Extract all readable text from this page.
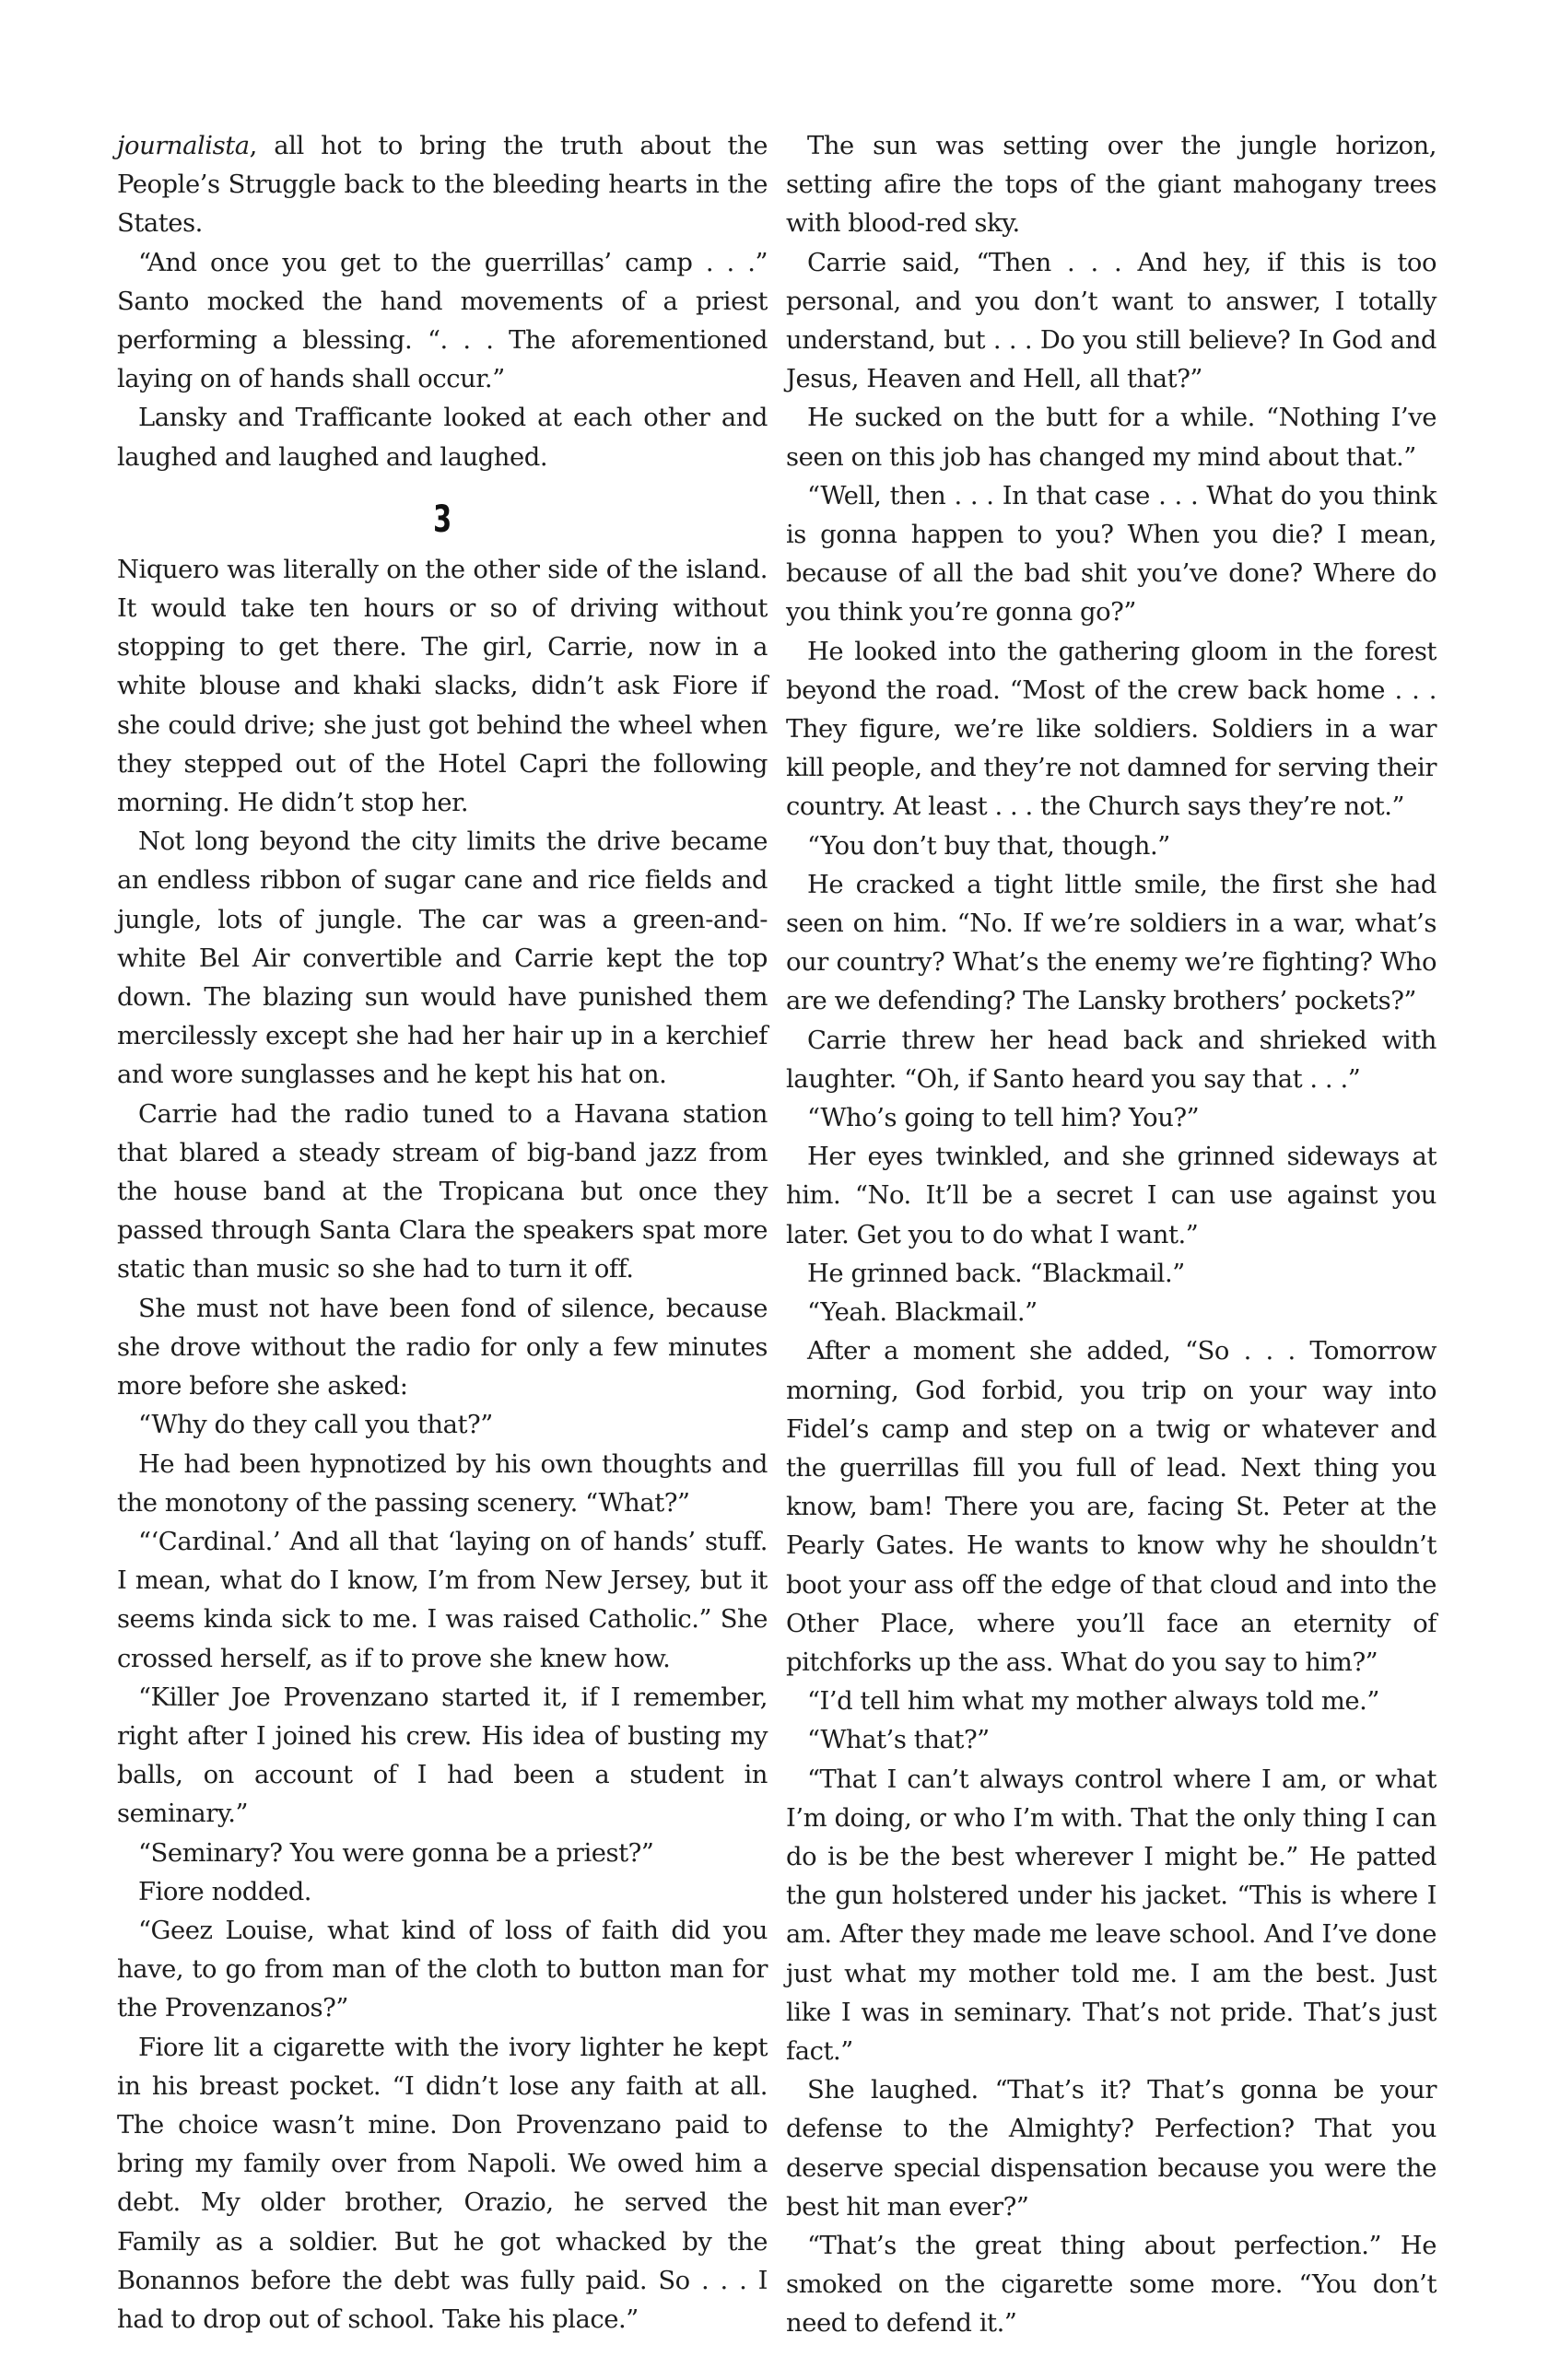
journalista, all hot to bring the truth about the People’s Struggle back to the bleeding hearts in the States.

“And once you get to the guerrillas’ camp . . .” Santo mocked the hand movements of a priest performing a blessing. “. . . The aforementioned laying on of hands shall occur.”

Lansky and Trafficante looked at each other and laughed and laughed and laughed.

3

Niquero was literally on the other side of the island. It would take ten hours or so of driving without stopping to get there. The girl, Carrie, now in a white blouse and khaki slacks, didn’t ask Fiore if she could drive; she just got behind the wheel when they stepped out of the Hotel Capri the following morning. He didn’t stop her.

Not long beyond the city limits the drive became an endless ribbon of sugar cane and rice fields and jungle, lots of jungle. The car was a green-and-white Bel Air convertible and Carrie kept the top down. The blazing sun would have punished them mercilessly except she had her hair up in a kerchief and wore sunglasses and he kept his hat on.

Carrie had the radio tuned to a Havana station that blared a steady stream of big-band jazz from the house band at the Tropicana but once they passed through Santa Clara the speakers spat more static than music so she had to turn it off.

She must not have been fond of silence, because she drove without the radio for only a few minutes more before she asked:

“Why do they call you that?”

He had been hypnotized by his own thoughts and the monotony of the passing scenery. “What?”

“‘Cardinal.’ And all that ‘laying on of hands’ stuff. I mean, what do I know, I’m from New Jersey, but it seems kinda sick to me. I was raised Catholic.” She crossed herself, as if to prove she knew how.

“Killer Joe Provenzano started it, if I remember, right after I joined his crew. His idea of busting my balls, on account of I had been a student in seminary.”

“Seminary? You were gonna be a priest?”

Fiore nodded.

“Geez Louise, what kind of loss of faith did you have, to go from man of the cloth to button man for the Provenzanos?”

Fiore lit a cigarette with the ivory lighter he kept in his breast pocket. “I didn’t lose any faith at all. The choice wasn’t mine. Don Provenzano paid to bring my family over from Napoli. We owed him a debt. My older brother, Orazio, he served the Family as a soldier. But he got whacked by the Bonannos before the debt was fully paid. So . . . I had to drop out of school. Take his place.”

The sun was setting over the jungle horizon, setting afire the tops of the giant mahogany trees with blood-red sky.

Carrie said, “Then . . . And hey, if this is too personal, and you don’t want to answer, I totally understand, but . . . Do you still believe? In God and Jesus, Heaven and Hell, all that?”

He sucked on the butt for a while. “Nothing I’ve seen on this job has changed my mind about that.”

“Well, then . . . In that case . . . What do you think is gonna happen to you? When you die? I mean, because of all the bad shit you’ve done? Where do you think you’re gonna go?”

He looked into the gathering gloom in the forest beyond the road. “Most of the crew back home . . . They figure, we’re like soldiers. Soldiers in a war kill people, and they’re not damned for serving their country. At least . . . the Church says they’re not.”

“You don’t buy that, though.”

He cracked a tight little smile, the first she had seen on him. “No. If we’re soldiers in a war, what’s our country? What’s the enemy we’re fighting? Who are we defending? The Lansky brothers’ pockets?”

Carrie threw her head back and shrieked with laughter. “Oh, if Santo heard you say that . . .”

“Who’s going to tell him? You?”

Her eyes twinkled, and she grinned sideways at him. “No. It’ll be a secret I can use against you later. Get you to do what I want.”

He grinned back. “Blackmail.”

“Yeah. Blackmail.”

After a moment she added, “So . . . Tomorrow morning, God forbid, you trip on your way into Fidel’s camp and step on a twig or whatever and the guerrillas fill you full of lead. Next thing you know, bam! There you are, facing St. Peter at the Pearly Gates. He wants to know why he shouldn’t boot your ass off the edge of that cloud and into the Other Place, where you’ll face an eternity of pitchforks up the ass. What do you say to him?”

“I’d tell him what my mother always told me.”

“What’s that?”

“That I can’t always control where I am, or what I’m doing, or who I’m with. That the only thing I can do is be the best wherever I might be.” He patted the gun holstered under his jacket. “This is where I am. After they made me leave school. And I’ve done just what my mother told me. I am the best. Just like I was in seminary. That’s not pride. That’s just fact.”

She laughed. “That’s it? That’s gonna be your defense to the Almighty? Perfection? That you deserve special dispensation because you were the best hit man ever?”

“That’s the great thing about perfection.” He smoked on the cigarette some more. “You don’t need to defend it.”
